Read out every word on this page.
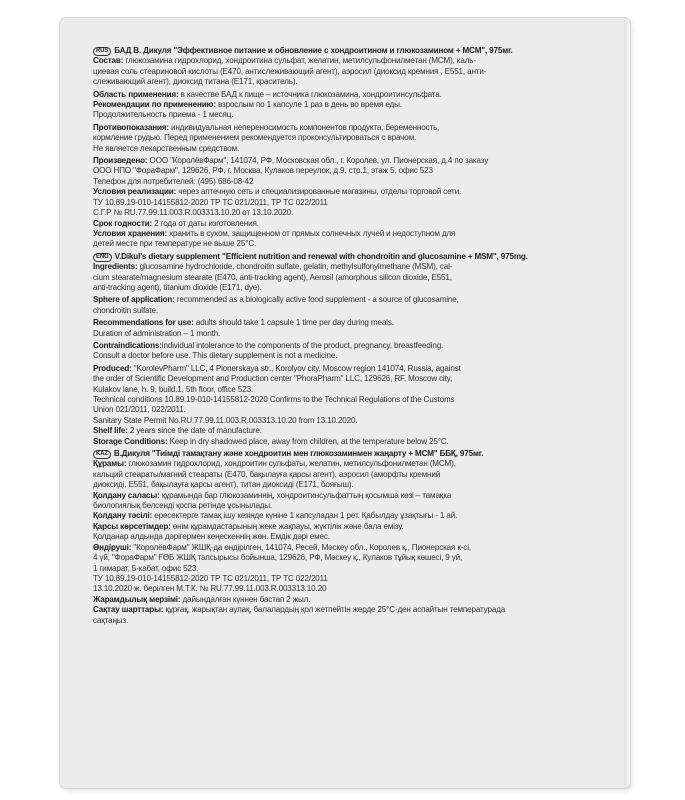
RUS БАД В. Дикуля "Эффективное питание и обновление с хондроитином и глюкозамином + МСМ", 975мг.
Состав: глюкозамина гидрохлорид, хондроитина сульфат, желатин, метилсульфонилметан (МСМ), каль-
циевая соль стеариновой кислоты (Е470, антислеживающий агент), аэросил (диоксид кремния , Е551, анти-
слеживающий агент), диоксид титана (Е171, краситель).
Область применения: в качестве БАД к пище – источника глюкозамина, хондроитинсульфата.
Рекомендации по применению: взрослым по 1 капсуле 1 раз в день во время еды.
Продолжительность приема - 1 месяц.
Противопоказания: индивидуальная непереносимость компонентов продукта, беременность,
кормление грудью. Перед применением рекомендуется проконсультироваться с врачом.
Не является лекарственным средством.
Произведено: ООО "КоролёвФарм", 141074, РФ, Московская обл., г. Королев, ул. Пионерская, д.4 по заказу
ООО НПО "ФораФарм", 129626, РФ, г. Москва, Кулаков переулок, д.9, стр.1, этаж 5, офис 523
Телефон для потребителей: (495) 686-08-42
Условия реализации: через аптечную сеть и специализированные магазины, отделы торговой сети.
ТУ 10.89.19-010-14155812-2020 ТР ТС 021/2011, ТР ТС 022/2011
С.Г.Р № RU.77.99.11.003.R.003313.10.20 от 13.10.2020.
Срок годности: 2 года от даты изготовления.
Условия хранения: хранить в сухом, защищенном от прямых солнечных лучей и недоступном для
детей месте при температуре не выше 25°С.
ENG V.Dikul's dietary supplement "Efficient nutrition and renewal with chondroitin and glucosamine + MSM", 975mg.
Ingredients: glucosamine hydrochloride, chondroitin sulfate, gelatin, methylsulfonylmethane (MSM), cal-
cium stearate/magnesium stearate (E470, anti-tracking agent), Aerosil (amorphous silicon dioxide, E551,
anti-tracking agent), titanium dioxide (E171, dye).
Sphere of application: recommended as a biologically active food supplement - a source of glucosamine,
chondroitin sulfate.
Recommendations for use: adults should take 1 capsule 1 time per day during meals.
Duration of administration – 1 month.
Contraindications:individual intolerance to the components of the product, pregnancy, breastfeeding.
Consult a doctor before use. This dietary supplement is not a medicine.
Produced: "KorolevPharm" LLC, 4 Pionerskaya str., Korolyov city, Moscow region 141074, Russia, against
the order of Scientific Development and Production center "PhoraPharm" LLC, 129626, RF, Moscow city,
Kulakov lane, h. 9, build.1, 5th floor, office 523.
Technical conditions 10.89.19-010-14155812-2020 Confirms to the Technical Regulations of the Customs
Union 021/2011, 022/2011.
Sanitary State Permit No.RU.77.99.11.003.R.003313.10.20 from 13.10.2020.
Shelf life: 2 years since the date of manufacture.
Storage Conditions: Keep in dry shadowed place, away from children, at the temperature below 25°C.
KAZ В.Дикуля "Тиімді тамақтану және хондроитин мен глюкозаминмен жаңарту + МСМ" ББҚ, 975мг.
Құрамы: глюкозамин гидрохлорид, хондроитин сульфаты, желатин, метилсульфонилметан (МСМ),
кальций стеараты/магний стеараты (Е470, бақылауға қарсы агент), аэросил (аморфты кремний
диоксиді, Е551, бақылауға қарсы агент), титан диоксиді (Е171, бояғыш).
Қолдану саласы: құрамында бар глюкозаминнің, хондроитинсульфаттың қосымша көзі – тамақка
биологиялық белсенді қоспа ретінде ұсынылады.
Қолдану тәсілі: ересектерге тамақ ішу кезінде күніне 1 капсуладан 1 рет. Қабылдау ұзақтығы - 1 ай.
Қарсы көрсетімдер: өнім құрамдастарының жеке жақпауы, жүктілік және бала емізу.
Қолданар алдында дәрігермен кеңескеннің жөн. Емдік дәрі емес.
Өндіруші: "КоролёвФарм" ЖШҚ-да өндірілген, 141074, Ресей, Мәскеу обл., Королев қ., Пионерская к-сі,
4 үй, "ФораФарм" ҒӨБ ЖШҚ тапсырысы бойынша, 129626, РФ, Мәскеу қ., Кулаков тұйық көшесі, 9 үй,
1 гимарат, 5-кабат, офис 523.
ТУ 10.89.19-010-14155812-2020 ТР ТС 021/2011, ТР ТС 022/2011
13.10.2020 ж. берілген М.Т.К. № RU.77.99.11.003.R.003313.10.20
Жарамдылық мерзімі: дайындалған күннен бастап 2 жыл.
Сақтау шарттары: құрғақ, жарықтан аулақ, балалардың қол жетпейтін жерде 25°С-ден аспайтын температурада
сақтаңыз.
